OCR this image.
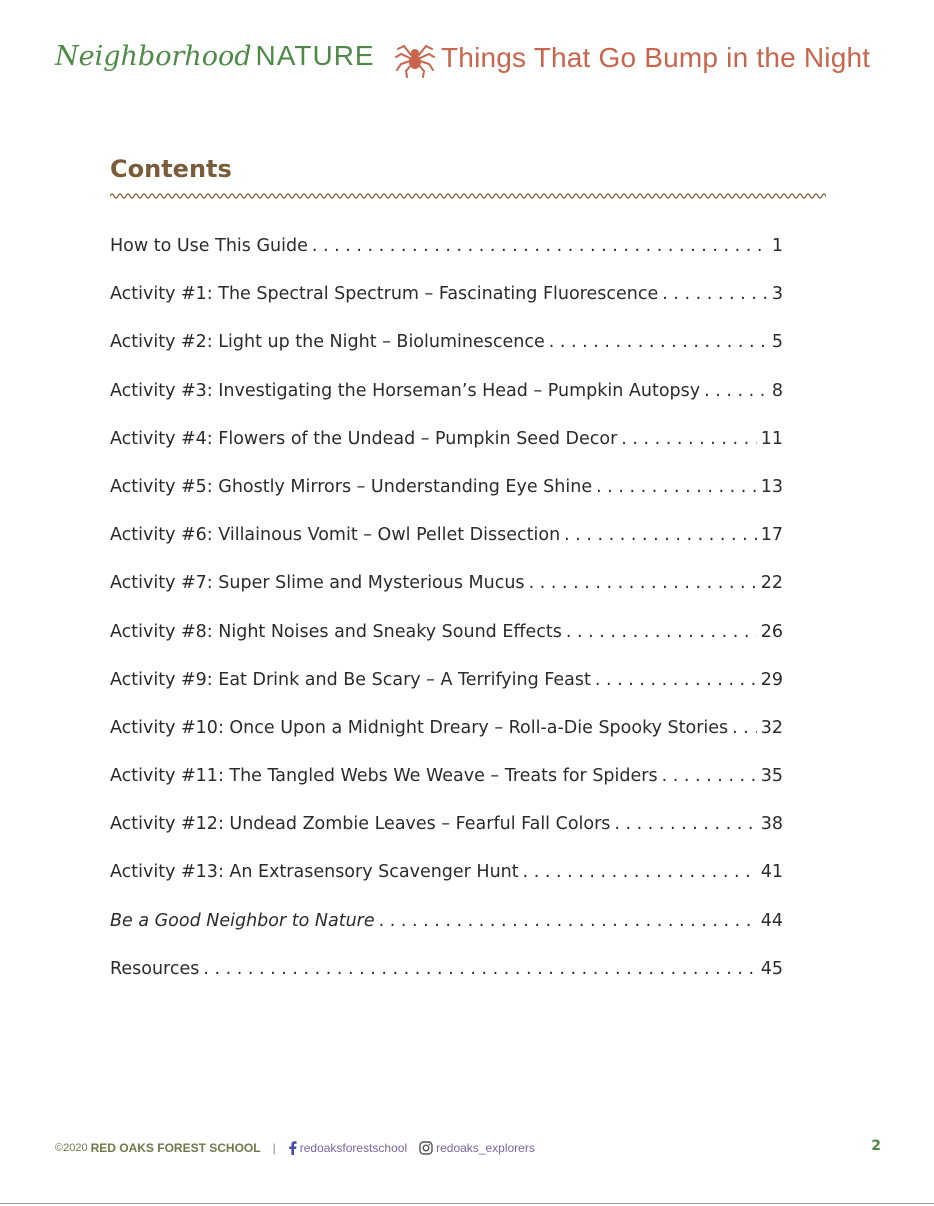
Neighborhood NATURE Things That Go Bump in the Night
Contents
How to Use This Guide . . .	1
Activity #1: The Spectral Spectrum – Fascinating Fluorescence . . .	3
Activity #2: Light up the Night – Bioluminescence . . .	5
Activity #3: Investigating the Horseman’s Head – Pumpkin Autopsy . . .	8
Activity #4: Flowers of the Undead – Pumpkin Seed Decor . . .	11
Activity #5: Ghostly Mirrors – Understanding Eye Shine . . .	13
Activity #6: Villainous Vomit – Owl Pellet Dissection . . .	17
Activity #7: Super Slime and Mysterious Mucus . . .	22
Activity #8: Night Noises and Sneaky Sound Effects . . .	26
Activity #9: Eat Drink and Be Scary – A Terrifying Feast . . .	29
Activity #10: Once Upon a Midnight Dreary – Roll-a-Die Spooky Stories . . . 32
Activity #11: The Tangled Webs We Weave – Treats for Spiders . . .	35
Activity #12: Undead Zombie Leaves – Fearful Fall Colors . . .	38
Activity #13: An Extrasensory Scavenger Hunt . . .	41
Be a Good Neighbor to Nature . . .	44
Resources . . .	45
©2020 RED OAKS FOREST SCHOOL | redoaksforestschool redoaks_explorers	2
